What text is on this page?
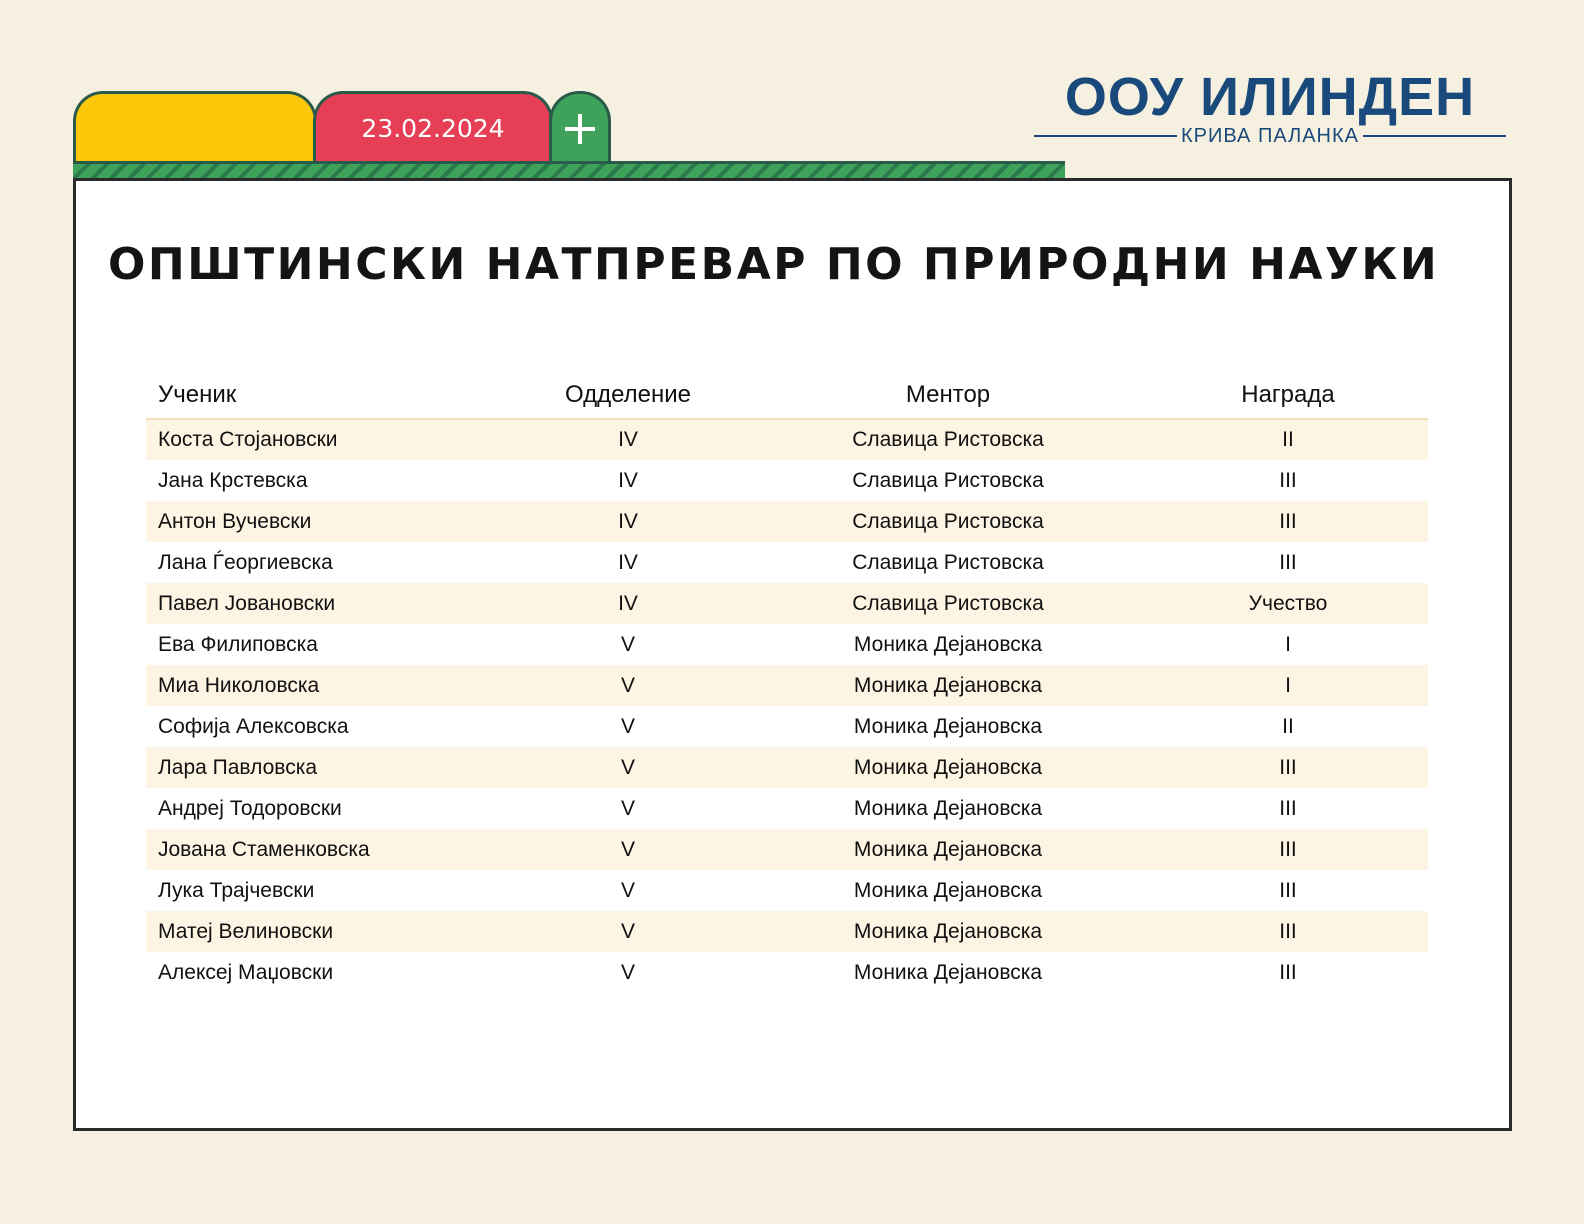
23.02.2024
ООУ ИЛИНДЕН
КРИВА ПАЛАНКА
ОПШТИНСКИ НАТПРЕВАР ПО ПРИРОДНИ НАУКИ
Ученик	Одделение	Ментор	Награда
Коста Стојановски	IV	Славица Ристовска	II
Јана Крстевска	IV	Славица Ристовска	III
Антон Вучевски	IV	Славица Ристовска	III
Лана Ѓеоргиевска	IV	Славица Ристовска	III
Павел Јовановски	IV	Славица Ристовска	Учество
Ева Филиповска	V	Моника Дејановска	I
Миа Николовска	V	Моника Дејановска	I
Софија Алексовска	V	Моника Дејановска	II
Лара Павловска	V	Моника Дејановска	III
Андреј Тодоровски	V	Моника Дејановска	III
Јована Стаменковска	V	Моника Дејановска	III
Лука Трајчевски	V	Моника Дејановска	III
Матеј Велиновски	V	Моника Дејановска	III
Алексеј Маџовски	V	Моника Дејановска	III
